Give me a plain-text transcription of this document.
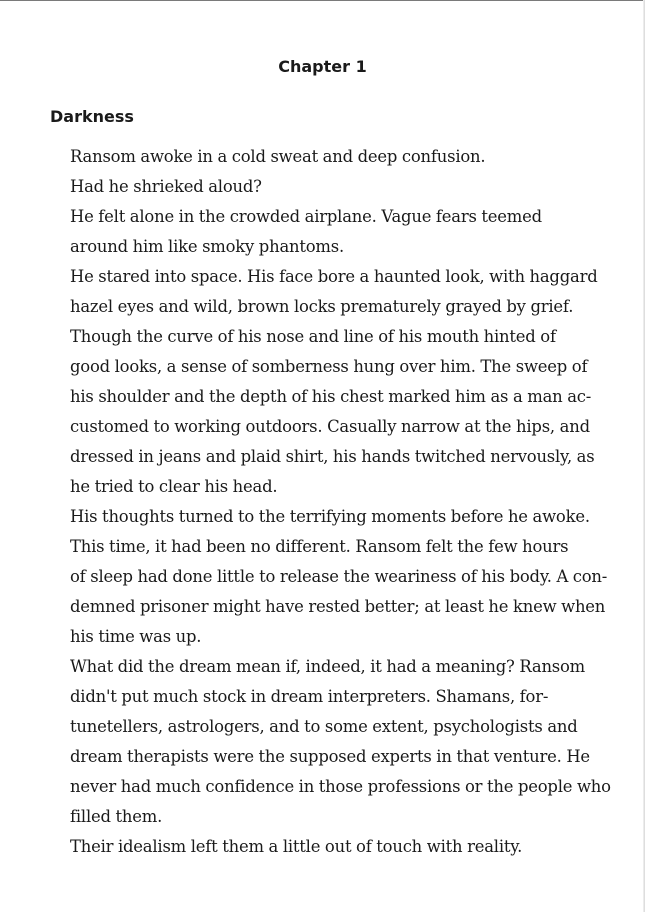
Chapter 1
Darkness

Ransom awoke in a cold sweat and deep confusion.

Had he shrieked aloud?

He felt alone in the crowded airplane. Vague fears teemed
around him like smoky phantoms.

He stared into space. His face bore a haunted look, with haggard
hazel eyes and wild, brown locks prematurely grayed by grief.
Though the curve of his nose and line of his mouth hinted of
good looks, a sense of somberness hung over him. The sweep of
his shoulder and the depth of his chest marked him as a man ac-
customed to working outdoors. Casually narrow at the hips, and
dressed in jeans and plaid shirt, his hands twitched nervously, as
he tried to clear his head.

His thoughts turned to the terrifying moments before he awoke.

This time, it had been no different. Ransom felt the few hours
of sleep had done little to release the weariness of his body. A con-
demned prisoner might have rested better; at least he knew when
his time was up.

What did the dream mean if, indeed, it had a meaning? Ransom
didn't put much stock in dream interpreters. Shamans, for-
tunetellers, astrologers, and to some extent, psychologists and
dream therapists were the supposed experts in that venture. He
never had much confidence in those professions or the people who
filled them.

Their idealism left them a little out of touch with reality.
